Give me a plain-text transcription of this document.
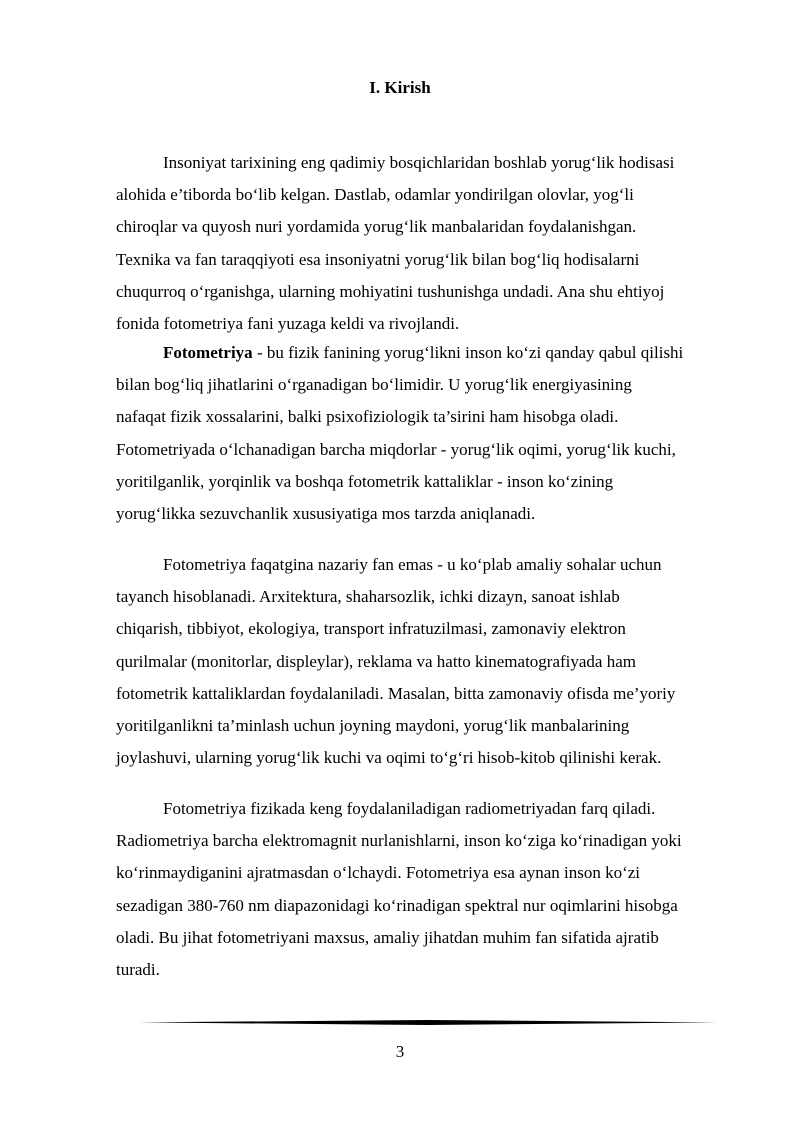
I. Kirish

Insoniyat tarixining eng qadimiy bosqichlaridan boshlab yorug‘lik hodisasi
alohida e’tiborda bo‘lib kelgan. Dastlab, odamlar yondirilgan olovlar, yog‘li
chiroqlar va quyosh nuri yordamida yorug‘lik manbalaridan foydalanishgan.
Texnika va fan taraqqiyoti esa insoniyatni yorug‘lik bilan bog‘liq hodisalarni
chuqurroq o‘rganishga, ularning mohiyatini tushunishga undadi. Ana shu ehtiyoj
fonida fotometriya fani yuzaga keldi va rivojlandi.

Fotometriya - bu fizik fanining yorug‘likni inson ko‘zi qanday qabul qilishi
bilan bog‘liq jihatlarini o‘rganadigan bo‘limidir. U yorug‘lik energiyasining
nafaqat fizik xossalarini, balki psixofiziologik ta’sirini ham hisobga oladi.
Fotometriyada o‘lchanadigan barcha miqdorlar - yorug‘lik oqimi, yorug‘lik kuchi,
yoritilganlik, yorqinlik va boshqa fotometrik kattaliklar - inson ko‘zining
yorug‘likka sezuvchanlik xususiyatiga mos tarzda aniqlanadi.

Fotometriya faqatgina nazariy fan emas - u ko‘plab amaliy sohalar uchun
tayanch hisoblanadi. Arxitektura, shaharsozlik, ichki dizayn, sanoat ishlab
chiqarish, tibbiyot, ekologiya, transport infratuzilmasi, zamonaviy elektron
qurilmalar (monitorlar, displeylar), reklama va hatto kinematografiyada ham
fotometrik kattaliklardan foydalaniladi. Masalan, bitta zamonaviy ofisda me’yoriy
yoritilganlikni ta’minlash uchun joyning maydoni, yorug‘lik manbalarining
joylashuvi, ularning yorug‘lik kuchi va oqimi to‘g‘ri hisob-kitob qilinishi kerak.

Fotometriya fizikada keng foydalaniladigan radiometriyadan farq qiladi.
Radiometriya barcha elektromagnit nurlanishlarni, inson ko‘ziga ko‘rinadigan yoki
ko‘rinmaydiganini ajratmasdan o‘lchaydi. Fotometriya esa aynan inson ko‘zi
sezadigan 380-760 nm diapazonidagi ko‘rinadigan spektral nur oqimlarini hisobga
oladi. Bu jihat fotometriyani maxsus, amaliy jihatdan muhim fan sifatida ajratib
turadi.

3
